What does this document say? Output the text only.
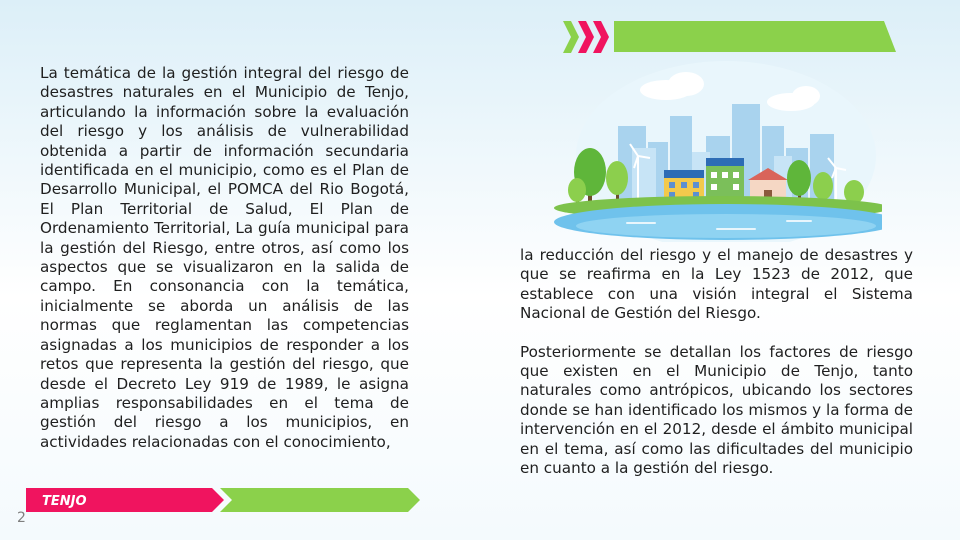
La temática de la gestión integral del riesgo de desastres naturales en el Municipio de Tenjo, articulando la información sobre la evaluación del riesgo y los análisis de vulnerabilidad obtenida a partir de información secundaria identificada en el municipio, como es el Plan de Desarrollo Municipal, el POMCA del Rio Bogotá, El Plan Territorial de Salud, El Plan de Ordenamiento Territorial, La guía municipal para la gestión del Riesgo, entre otros, así como los aspectos que se visualizaron en la salida de campo. En consonancia con la temática, inicialmente se aborda un análisis de las normas que reglamentan las competencias asignadas a los municipios de responder a los retos que representa la gestión del riesgo, que desde el Decreto Ley 919 de 1989, le asigna amplias responsabilidades en el tema de gestión del riesgo a los municipios, en actividades relacionadas con el conocimiento,

la reducción del riesgo y el manejo de desastres y que se reafirma en la Ley 1523 de 2012, que establece con una visión integral el Sistema Nacional de Gestión del Riesgo.

Posteriormente se detallan los factores de riesgo que existen en el Municipio de Tenjo, tanto naturales como antrópicos, ubicando los sectores donde se han identificado los mismos y la forma de intervención en el 2012, desde el ámbito municipal en el tema, así como las dificultades del municipio en cuanto a la gestión del riesgo.

TENJO
2
